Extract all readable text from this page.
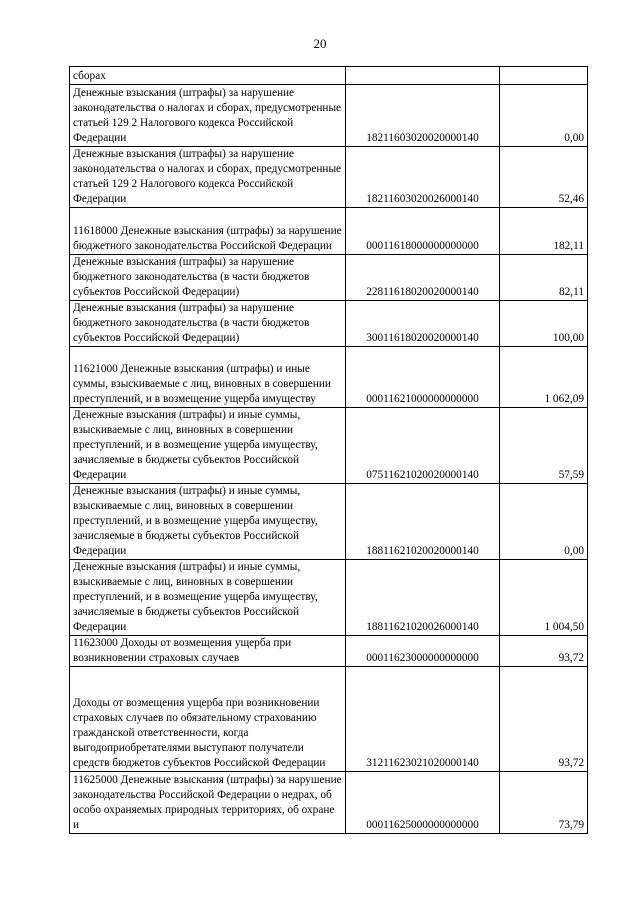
20
сборах		
Денежные взыскания (штрафы) за нарушение законодательства о налогах и сборах, предусмотренные статьей 129 2 Налогового кодекса Российской Федерации	18211603020020000140	0,00
Денежные взыскания (штрафы) за нарушение законодательства о налогах и сборах, предусмотренные статьей 129 2 Налогового кодекса Российской Федерации	18211603020026000140	52,46
11618000 Денежные взыскания (штрафы) за нарушение бюджетного законодательства Российской Федерации	00011618000000000000	182,11
Денежные взыскания (штрафы) за нарушение бюджетного законодательства (в части бюджетов субъектов Российской Федерации)	22811618020020000140	82,11
Денежные взыскания (штрафы) за нарушение бюджетного законодательства (в части бюджетов субъектов Российской Федерации)	30011618020020000140	100,00
11621000 Денежные взыскания (штрафы) и иные суммы, взыскиваемые с лиц, виновных в совершении преступлений, и в возмещение ущерба имуществу	00011621000000000000	1 062,09
Денежные взыскания (штрафы) и иные суммы, взыскиваемые с лиц, виновных в совершении преступлений, и в возмещение ущерба имуществу, зачисляемые в бюджеты субъектов Российской Федерации	07511621020020000140	57,59
Денежные взыскания (штрафы) и иные суммы, взыскиваемые с лиц, виновных в совершении преступлений, и в возмещение ущерба имуществу, зачисляемые в бюджеты субъектов Российской Федерации	18811621020020000140	0,00
Денежные взыскания (штрафы) и иные суммы, взыскиваемые с лиц, виновных в совершении преступлений, и в возмещение ущерба имуществу, зачисляемые в бюджеты субъектов Российской Федерации	18811621020026000140	1 004,50
11623000 Доходы от возмещения ущерба при возникновении страховых случаев	00011623000000000000	93,72
Доходы от возмещения ущерба при возникновении страховых случаев по обязательному страхованию гражданской ответственности, когда выгодоприобретателями выступают получатели средств бюджетов субъектов Российской Федерации	31211623021020000140	93,72
11625000 Денежные взыскания (штрафы) за нарушение законодательства Российской Федерации о недрах, об особо охраняемых природных территориях, об охране и	00011625000000000000	73,79
